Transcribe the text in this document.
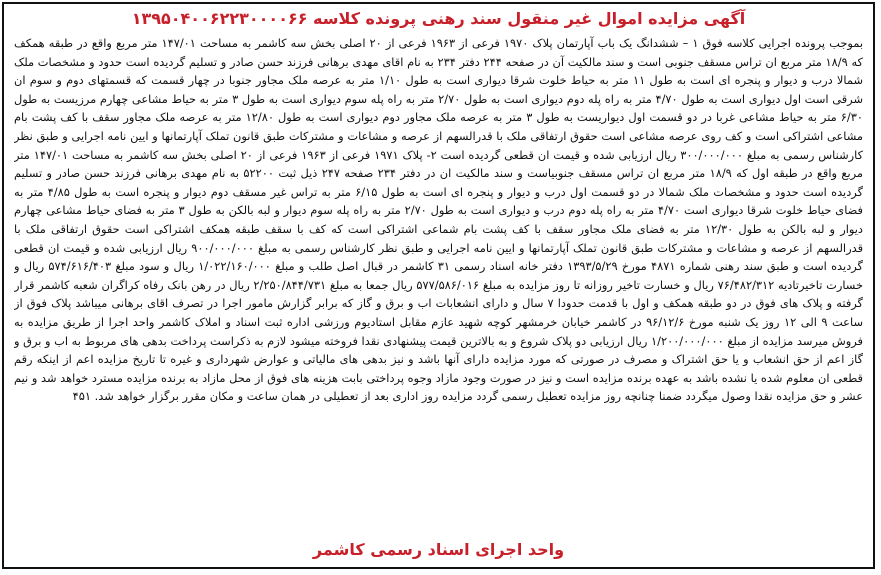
آگهی مزایده اموال غیر منقول سند رهنی پرونده کلاسه ۱۳۹۵۰۴۰۰۶۲۲۳۰۰۰۰۶۶
بموجب پرونده اجرایی کلاسه فوق ۱ – ششدانگ یک باب آپارتمان پلاک ۱۹۷۰ فرعی از ۱۹۶۳ فرعی از ۲۰ اصلی بخش سه کاشمر به مساحت ۱۴۷/۰۱ متر مربع واقع در طبقه همکف که ۱۸/۹ متر مربع ان تراس مسقف جنوبی است و سند مالکیت آن در صفحه ۲۴۴ دفتر ۲۳۴ به نام اقای مهدی برهانی فرزند حسن صادر و تسلیم گردیده است حدود و مشخصات ملک شمالا درب و دیوار و پنجره ای است به طول ۱۱ متر به حیاط خلوت شرقا دیواری است به طول ۱/۱۰ متر به عرصه ملک مجاور جنوبا در چهار قسمت که قسمتهای دوم و سوم ان شرقی است اول دیواری است به طول ۴/۷۰ متر به راه پله دوم دیواری است به طول ۲/۷۰ متر به راه پله سوم دیواری است به طول ۳ متر به حیاط مشاعی چهارم مرزیست به طول ۶/۳۰ متر به حیاط مشاعی غربا در دو قسمت اول دیواریست به طول ۳ متر به عرصه ملک مجاور دوم دیواری است به طول ۱۲/۸۰ متر به عرصه ملک مجاور سقف با کف پشت بام مشاعی اشتراکی است و کف روی عرصه مشاعی است حقوق ارتفاقی ملک با قدرالسهم از عرصه و مشاعات و مشترکات طبق قانون تملک آپارتمانها و ایین نامه اجرایی و طبق نظر کارشناس رسمی به مبلغ ۳۰۰/۰۰۰/۰۰۰ ریال ارزیابی شده و قیمت ان قطعی گردیده است ۲- پلاک ۱۹۷۱ فرعی از ۱۹۶۳ فرعی از ۲۰ اصلی بخش سه کاشمر به مساحت ۱۴۷/۰۱ متر مربع واقع در طبقه اول که ۱۸/۹ متر مربع ان تراس مسقف جنوبیاست و سند مالکیت ان در دفتر ۲۳۴ صفحه ۲۴۷ ذیل ثبت ۵۲۲۰۰ به نام مهدی برهانی فرزند حسن صادر و تسلیم گردیده است حدود و مشخصات ملک شمالا در دو قسمت اول درب و دیوار و پنجره ای است به طول ۶/۱۵ متر به تراس غیر مسقف دوم دیوار و پنجره است به طول ۴/۸۵ متر به فضای حیاط خلوت شرقا دیواری است ۴/۷۰ متر به راه پله دوم درب و دیواری است به طول ۲/۷۰ متر به راه پله سوم دیوار و لبه بالکن به طول ۳ متر به فضای حیاط مشاعی چهارم دیوار و لبه بالکن به طول ۱۲/۳۰ متر به فضای ملک مجاور سقف با کف پشت بام شماعی اشتراکی است که کف با سقف طبقه همکف اشتراکی است حقوق ارتفاقی ملک با قدرالسهم از عرصه و مشاعات و مشترکات طبق قانون تملک آپارتمانها و ایین نامه اجرایی و طبق نظر کارشناس رسمی به مبلغ ۹۰۰/۰۰۰/۰۰۰ ریال ارزیابی شده و قیمت ان قطعی گردیده است و طبق سند رهنی شماره ۴۸۷۱ مورخ ۱۳۹۳/۵/۲۹ دفتر خانه اسناد رسمی ۳۱ کاشمر در قبال اصل طلب و مبلغ ۱/۰۲۲/۱۶۰/۰۰۰ ریال و سود مبلغ ۵۷۴/۶۱۶/۴۰۳ ریال و خسارت تاخیرتادیه ۷۶/۴۸۲/۳۱۲ ریال و خسارت تاخیر روزانه تا روز مزایده به مبلغ ۵۷۷/۵۸۶/۰۱۶ ریال جمعا به مبلغ ۲/۲۵۰/۸۴۴/۷۳۱ ریال در رهن بانک رفاه کراگران شعبه کاشمر قرار گرفته و پلاک های فوق در دو طبقه همکف و اول با قدمت حدودا ۷ سال و دارای انشعابات اب و برق و گاز که برابر گزارش مامور اجرا در تصرف اقای برهانی میباشد پلاک فوق از ساعت ۹ الی ۱۲ روز یک شنبه مورخ ۹۶/۱۲/۶ در کاشمر خیابان خرمشهر کوچه شهید عازم مقابل استادیوم ورزشی اداره ثبت اسناد و املاک کاشمر واحد اجرا از طریق مزایده به فروش میرسد مزایده از مبلغ ۱/۲۰۰/۰۰۰/۰۰۰ ریال ارزیابی دو پلاک شروع و به بالاترین قیمت پیشنهادی نقدا فروخته میشود لازم به ذکراست پرداخت بدهی های مربوط به اب و برق و گاز اعم از حق انشعاب و یا حق اشتراک و مصرف در صورتی که مورد مزایده دارای آنها باشد و نیز بدهی های مالیاتی و عوارض شهرداری و غیره تا تاریخ مزایده اعم از اینکه رقم قطعی ان معلوم شده یا نشده باشد به عهده برنده مزایده است و نیز در صورت وجود مازاد وجوه پرداختی بابت هزینه های فوق از محل مازاد به برنده مزایده مسترد خواهد شد و نیم عشر و حق مزایده نقدا وصول میگردد ضمنا چنانچه روز مزایده تعطیل رسمی گردد مزایده روز اداری بعد از تعطیلی در همان ساعت و مکان مقرر برگزار خواهد شد. ۴۵۱
واحد اجرای اسناد رسمی کاشمر
